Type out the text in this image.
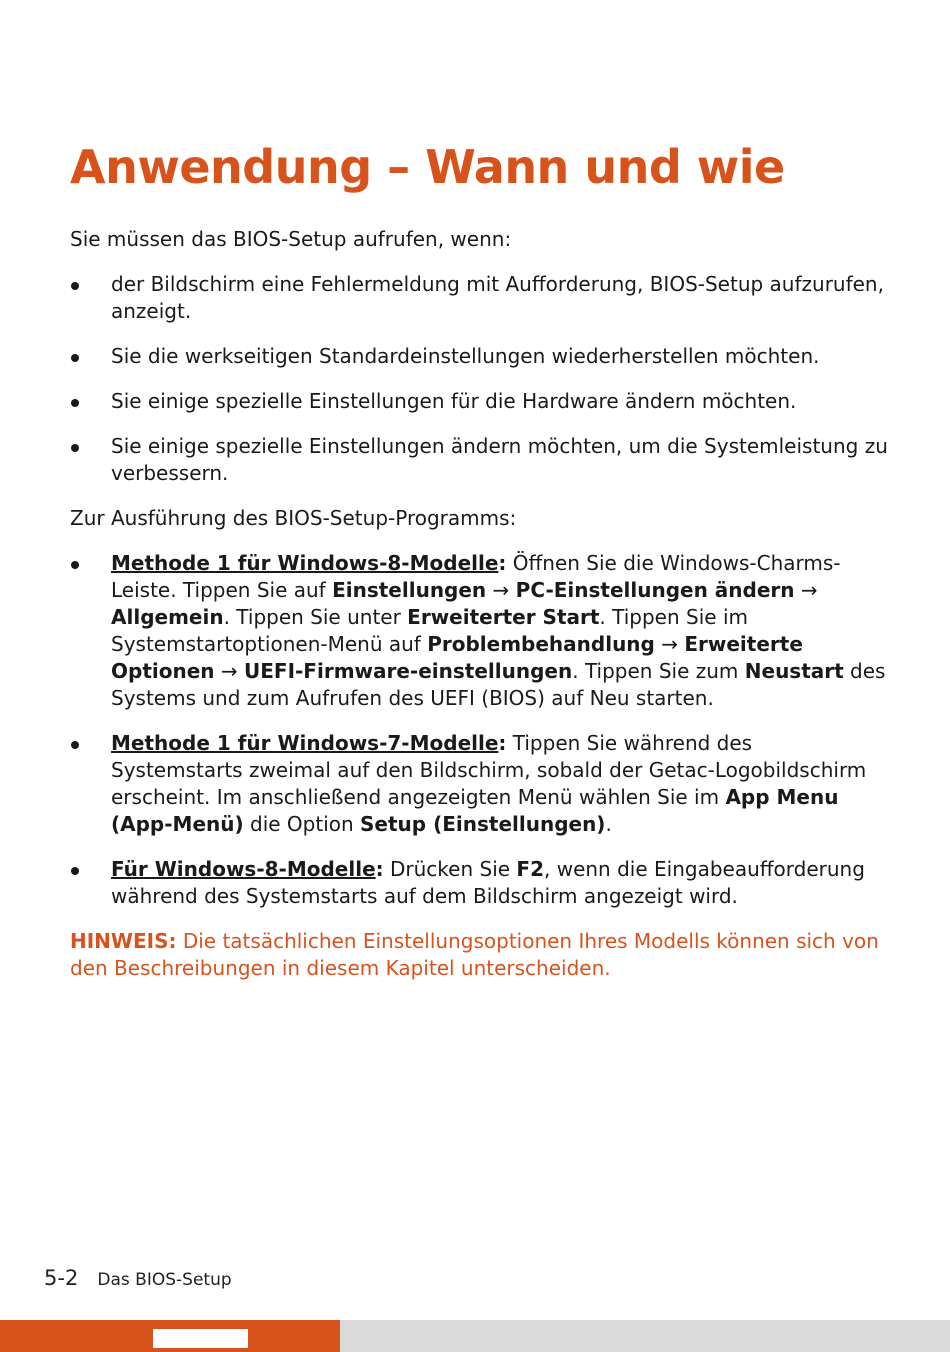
Anwendung – Wann und wie

Sie müssen das BIOS-Setup aufrufen, wenn:

der Bildschirm eine Fehlermeldung mit Aufforderung, BIOS-Setup aufzurufen, anzeigt.
Sie die werkseitigen Standardeinstellungen wiederherstellen möchten.
Sie einige spezielle Einstellungen für die Hardware ändern möchten.
Sie einige spezielle Einstellungen ändern möchten, um die Systemleistung zu verbessern.

Zur Ausführung des BIOS-Setup-Programms:

Methode 1 für Windows-8-Modelle: Öffnen Sie die Windows-Charms-Leiste. Tippen Sie auf Einstellungen → PC-Einstellungen ändern → Allgemein. Tippen Sie unter Erweiterter Start. Tippen Sie im Systemstartoptionen-Menü auf Problembehandlung → Erweiterte Optionen → UEFI-Firmware-einstellungen. Tippen Sie zum Neustart des Systems und zum Aufrufen des UEFI (BIOS) auf Neu starten.
Methode 1 für Windows-7-Modelle: Tippen Sie während des Systemstarts zweimal auf den Bildschirm, sobald der Getac-Logobildschirm erscheint. Im anschließend angezeigten Menü wählen Sie im App Menu (App-Menü) die Option Setup (Einstellungen).
Für Windows-8-Modelle: Drücken Sie F2, wenn die Eingabeaufforderung während des Systemstarts auf dem Bildschirm angezeigt wird.

HINWEIS: Die tatsächlichen Einstellungsoptionen Ihres Modells können sich von den Beschreibungen in diesem Kapitel unterscheiden.

5-2 Das BIOS-Setup
